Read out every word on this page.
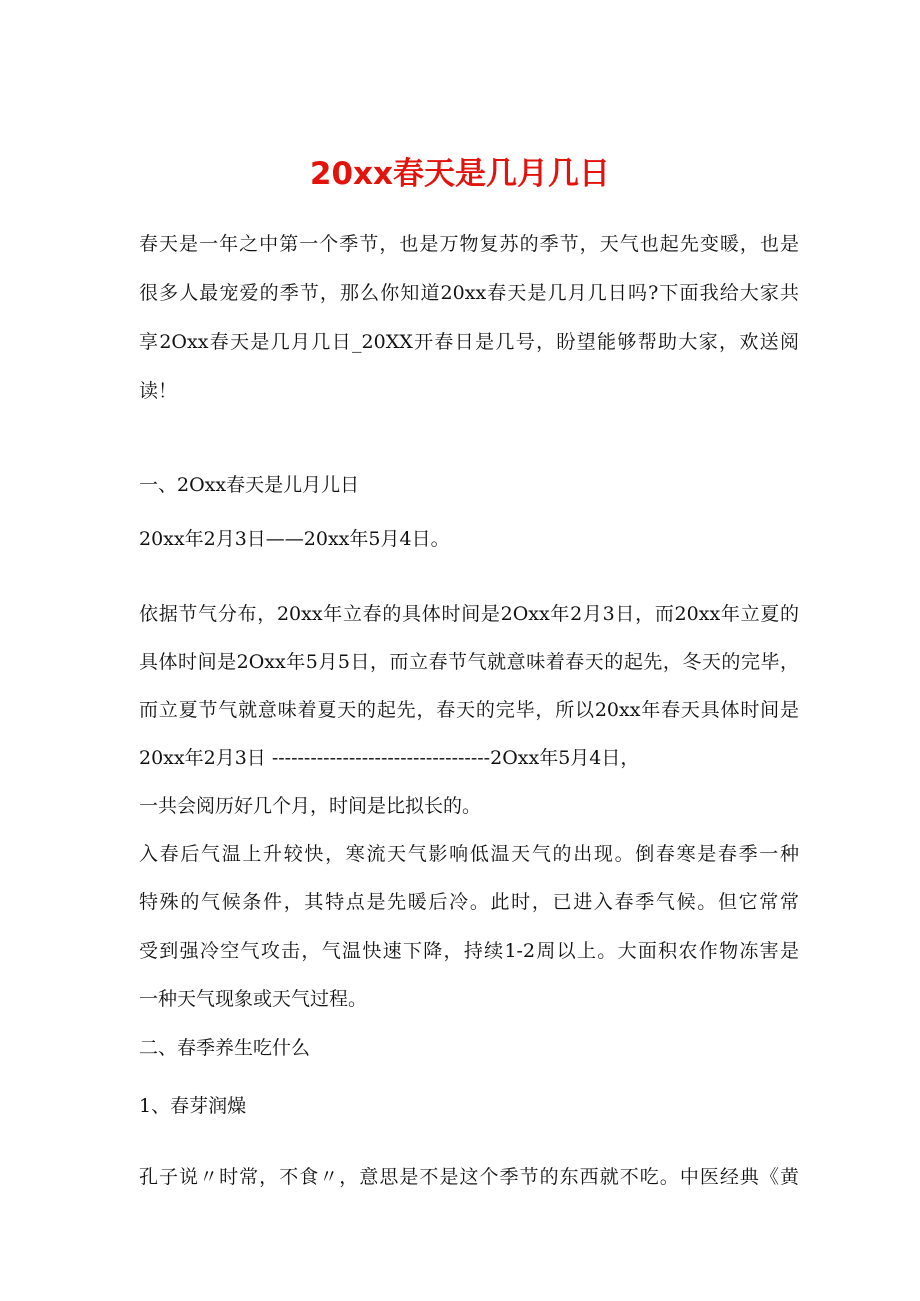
20xx春天是几月几日
春天是一年之中第一个季节，也是万物复苏的季节，天气也起先变暖，也是
很多人最宠爱的季节，那么你知道20xx春天是几月几日吗?下面我给大家共
享2Oxx春天是几月几日_20XX开春日是几号，盼望能够帮助大家，欢送阅
读！
一、2Oxx春天是儿月儿日
20xx年2月3日——20xx年5月4日。
依据节气分布，20xx年立春的具体时间是2Oxx年2月3日，而20xx年立夏的
具体时间是2Oxx年5月5日，而立春节气就意味着春天的起先，冬天的完毕，
而立夏节气就意味着夏天的起先，春天的完毕，所以20xx年春天具体时间是
20xx年2月3日 ----------------------------------2Oxx年5月4日，
一共会阅历好几个月，时间是比拟长的。
入春后气温上升较快，寒流天气影响低温天气的出现。倒春寒是春季一种
特殊的气候条件，其特点是先暖后冷。此时，已进入春季气候。但它常常
受到强冷空气攻击，气温快速下降，持续1-2周以上。大面积农作物冻害是
一种天气现象或天气过程。
二、春季养生吃什么
1、春芽润燥
孔子说〃时常，不食〃，意思是不是这个季节的东西就不吃。中医经典《黄
